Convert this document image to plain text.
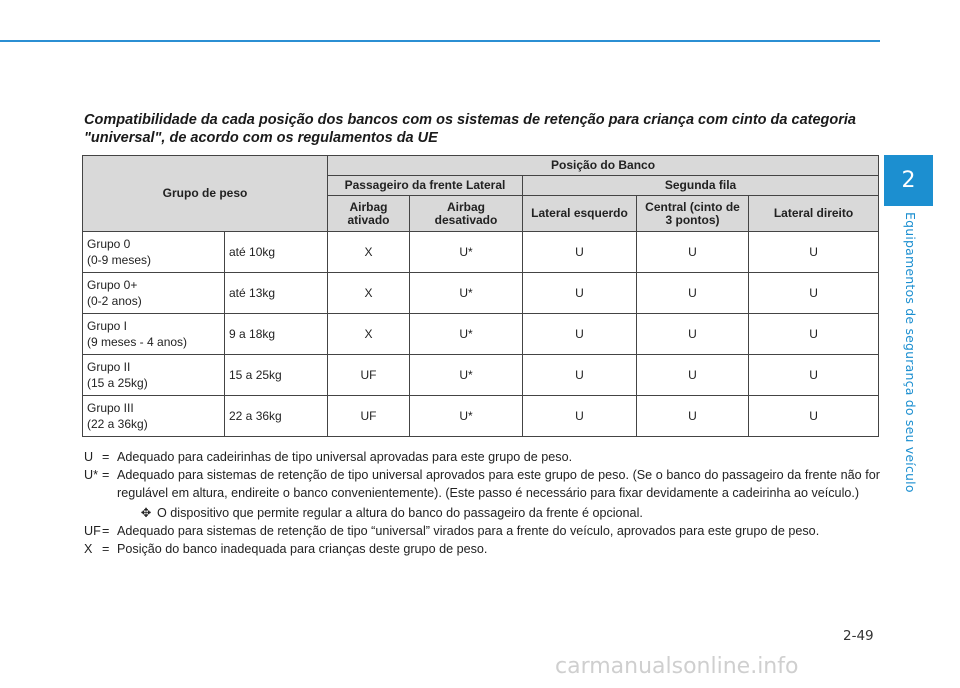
2
Equipamentos de segurança do seu veículo

Compatibilidade da cada posição dos bancos com os sistemas de retenção para criança com cinto da categoria "universal", de acordo com os regulamentos da UE

Grupo de peso		Posição do Banco				
		Passageiro da frente Lateral		Segunda fila		
		Airbag ativado	Airbag desativado	Lateral esquerdo	Central (cinto de 3 pontos)	Lateral direito
Grupo 0
(0-9 meses)	até 10kg	X	U*	U	U	U
Grupo 0+
(0-2 anos)	até 13kg	X	U*	U	U	U
Grupo I
(9 meses - 4 anos)	9 a 18kg	X	U*	U	U	U
Grupo II
(15 a 25kg)	15 a 25kg	UF	U*	U	U	U
Grupo III
(22 a 36kg)	22 a 36kg	UF	U*	U	U	U
U = Adequado para cadeirinhas de tipo universal aprovadas para este grupo de peso.
U* = Adequado para sistemas de retenção de tipo universal aprovados para este grupo de peso. (Se o banco do passageiro da frente não for regulável em altura, endireite o banco convenientemente). (Este passo é necessário para fixar devidamente a cadeirinha ao veículo.)
✥ O dispositivo que permite regular a altura do banco do passageiro da frente é opcional.
UF = Adequado para sistemas de retenção de tipo “universal” virados para a frente do veículo, aprovados para este grupo de peso.
X = Posição do banco inadequada para crianças deste grupo de peso.
2-49
carmanualsonline.info
